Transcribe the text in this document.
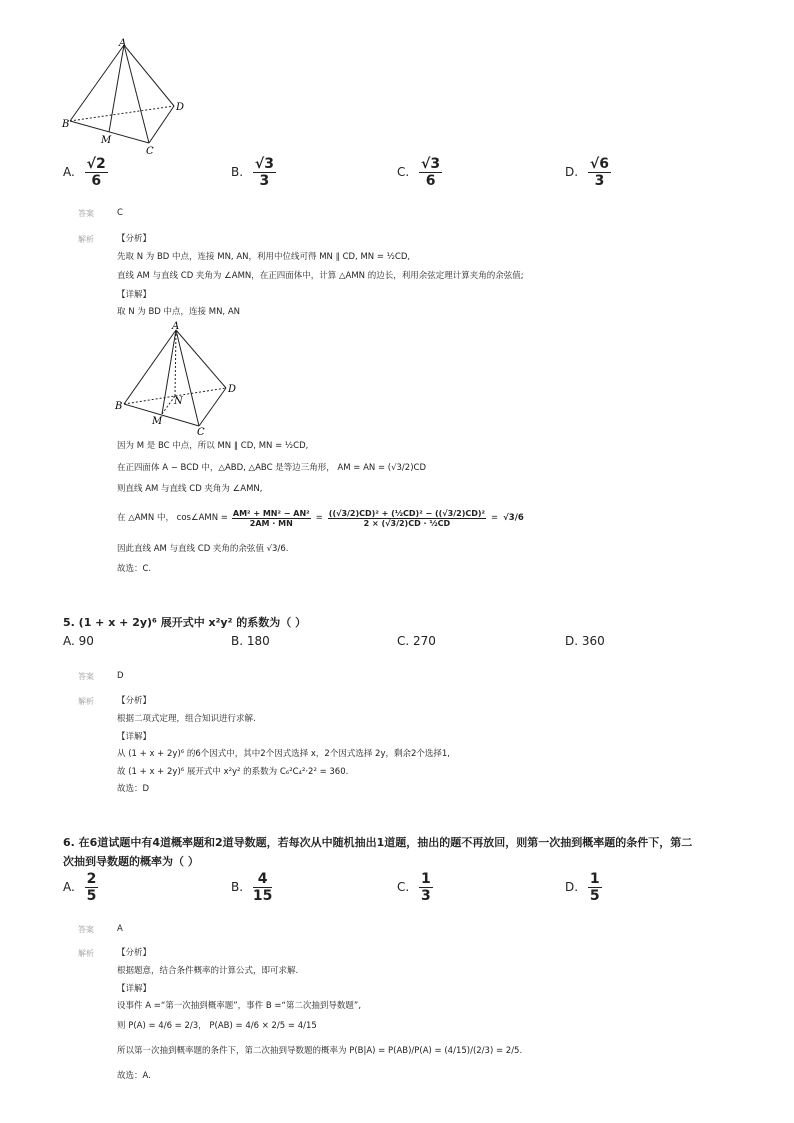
A
B
C
D
M
A. $\frac{√2}{6}$	B. $\frac{√3}{3}$	C. $\frac{√3}{6}$	D. $\frac{√6}{3}$
答案	C
解析	【分析】
先取 N 为 BD 中点，连接 MN, AN，利用中位线可得 MN ∥ CD, MN = ½CD,
直线 AM 与直线 CD 夹角为 ∠AMN，在正四面体中，计算 △AMN 的边长，利用余弦定理计算夹角的余弦值;
【详解】
取 N 为 BD 中点，连接 MN, AN
A
B
C
D
M
N
因为 M 是 BC 中点，所以 MN ∥ CD, MN = ½CD,
在正四面体 A − BCD 中，△ABD, △ABC 是等边三角形， AM = AN = (√3/2)CD
则直线 AM 与直线 CD 夹角为 ∠AMN,
在 △AMN 中， cos∠AMN = $\frac{\text{AM² + MN² − AN²}}{2AM \cdot MN} = \frac{\text{((√3/2)CD)² + (½CD)² − ((√3/2)CD)²}}{\text{2 × (√3/2)CD · ½CD}} = √3/6$
因此直线 AM 与直线 CD 夹角的余弦值 √3/6.
故选：C.
5. (1 + x + 2y)⁶ 展开式中 x²y² 的系数为（ ）
A. 90	B. 180	C. 270	D. 360
答案	D
解析	【分析】
根据二项式定理，组合知识进行求解.
【详解】
从 (1 + x + 2y)⁶ 的6个因式中，其中2个因式选择 x，2个因式选择 2y，剩余2个选择1,
故 (1 + x + 2y)⁶ 展开式中 x²y² 的系数为 C₆²C₄²·2² = 360.
故选：D
6. 在6道试题中有4道概率题和2道导数题，若每次从中随机抽出1道题，抽出的题不再放回，则第一次抽到概率题的条件下，第二
次抽到导数题的概率为（ ）
A. $\frac{2}{5}$	B. $\frac{4}{15}$	C. $\frac{1}{3}$	D. $\frac{1}{5}$
答案	A
解析	【分析】
根据题意，结合条件概率的计算公式，即可求解.
【详解】
设事件 A =“第一次抽到概率题”，事件 B =“第二次抽到导数题”,
则 P(A) = 4/6 = 2/3， P(AB) = 4/6 × 2/5 = 4/15
所以第一次抽到概率题的条件下，第二次抽到导数题的概率为 P(B|A) = P(AB)/P(A) = (4/15)/(2/3) = 2/5.
故选：A.
